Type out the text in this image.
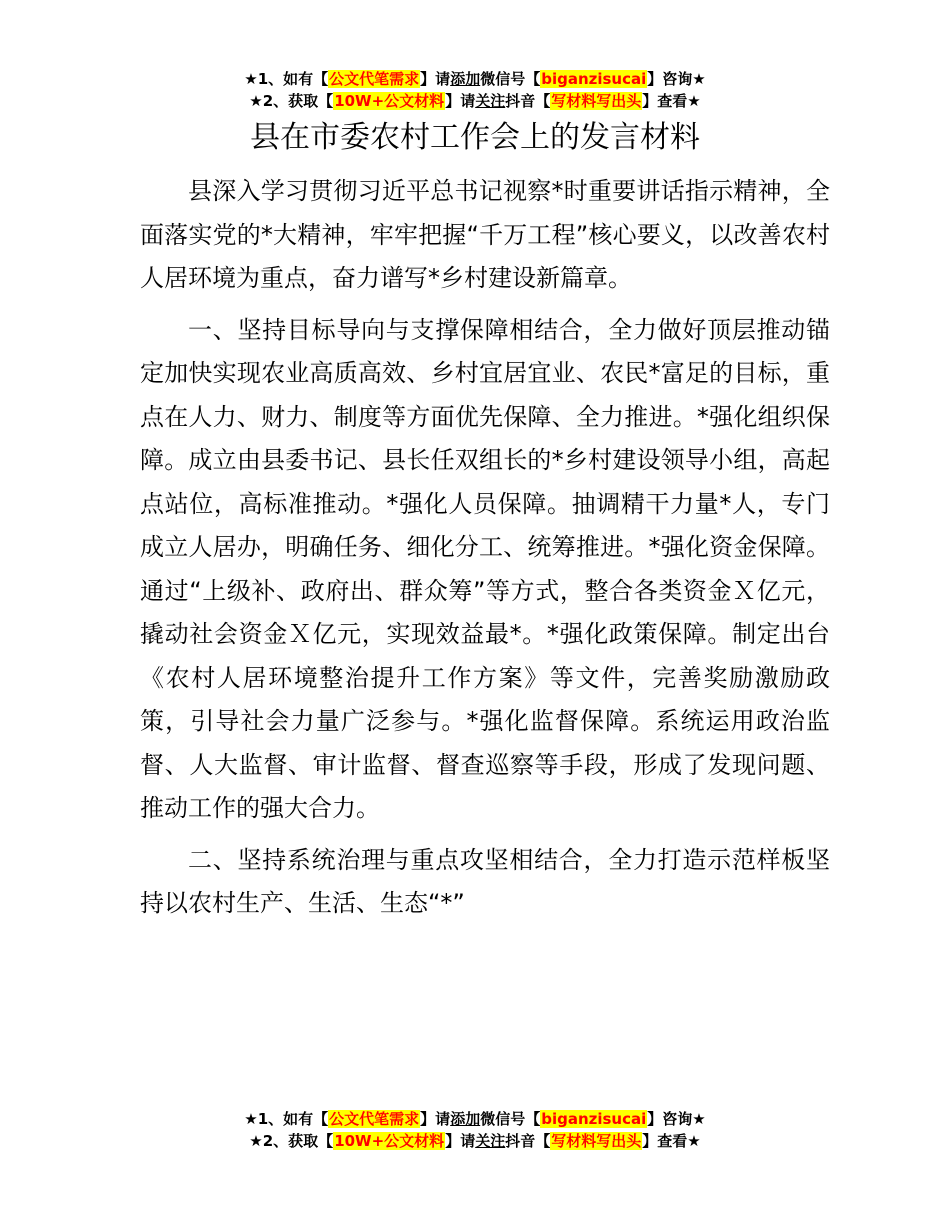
★1、如有【公文代笔需求】请添加微信号【biganzisucai】咨询★
★2、获取【10W+公文材料】请关注抖音【写材料写出头】查看★
县在市委农村工作会上的发言材料

县深入学习贯彻习近平总书记视察*时重要讲话指示精神，全面落实党的*大精神，牢牢把握“千万工程”核心要义，以改善农村人居环境为重点，奋力谱写*乡村建设新篇章。

一、坚持目标导向与支撑保障相结合，全力做好顶层推动锚定加快实现农业高质高效、乡村宜居宜业、农民*富足的目标，重点在人力、财力、制度等方面优先保障、全力推进。*强化组织保障。成立由县委书记、县长任双组长的*乡村建设领导小组，高起点站位，高标准推动。*强化人员保障。抽调精干力量*人，专门成立人居办，明确任务、细化分工、统筹推进。*强化资金保障。通过“上级补、政府出、群众筹”等方式，整合各类资金Ｘ亿元，撬动社会资金Ｘ亿元，实现效益最*。*强化政策保障。制定出台《农村人居环境整治提升工作方案》等文件，完善奖励激励政策，引导社会力量广泛参与。*强化监督保障。系统运用政治监督、人大监督、审计监督、督查巡察等手段，形成了发现问题、推动工作的强大合力。

二、坚持系统治理与重点攻坚相结合，全力打造示范样板坚持以农村生产、生活、生态“*”

★1、如有【公文代笔需求】请添加微信号【biganzisucai】咨询★
★2、获取【10W+公文材料】请关注抖音【写材料写出头】查看★
